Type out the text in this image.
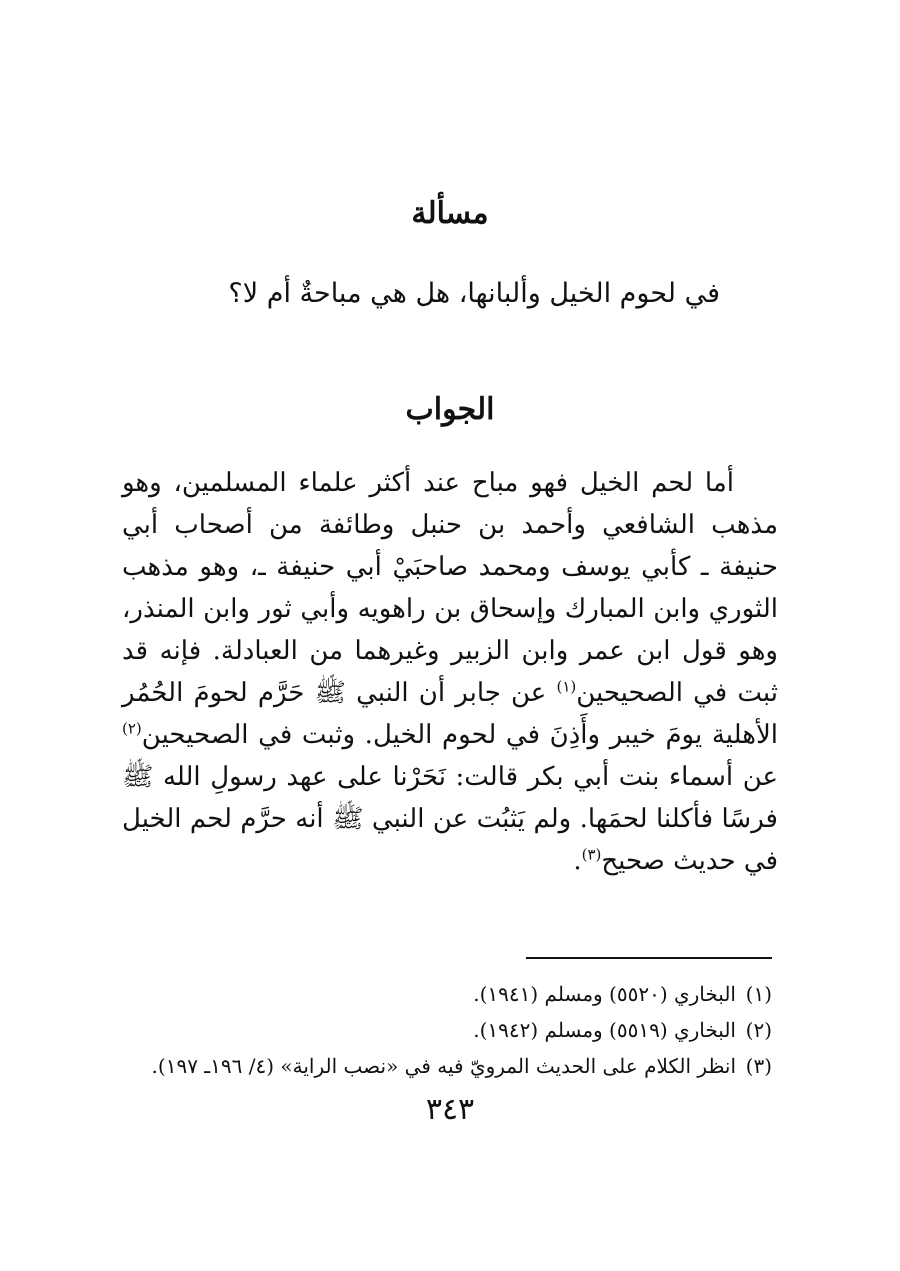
مسألة
في لحوم الخيل وألبانها، هل هي مباحةٌ أم لا؟
الجواب

أما لحم الخيل فهو مباح عند أكثر علماء المسلمين، وهو مذهب الشافعي وأحمد بن حنبل وطائفة من أصحاب أبي حنيفة ـ كأبي يوسف ومحمد صاحبَيْ أبي حنيفة ـ، وهو مذهب الثوري وابن المبارك وإسحاق بن راهويه وأبي ثور وابن المنذر، وهو قول ابن عمر وابن الزبير وغيرهما من العبادلة. فإنه قد ثبت في الصحيحين$^{(١)}$ عن جابر أن النبي ﷺ حَرَّم لحومَ الحُمُر الأهلية يومَ خيبر وأَذِنَ في لحوم الخيل. وثبت في الصحيحين$^{(٢)}$ عن أسماء بنت أبي بكر قالت: نَحَرْنا على عهد رسولِ الله ﷺ فرسًا فأكلنا لحمَها. ولم يَثبُت عن النبي ﷺ أنه حرَّم لحم الخيل في حديث صحيح$^{(٣)}$.

(١)البخاري (٥٥٢٠) ومسلم (١٩٤١).
(٢)البخاري (٥٥١٩) ومسلم (١٩٤٢).
(٣)انظر الكلام على الحديث المرويّ فيه في «نصب الراية» (٤/ ١٩٦ـ ١٩٧).
٣٤٣
